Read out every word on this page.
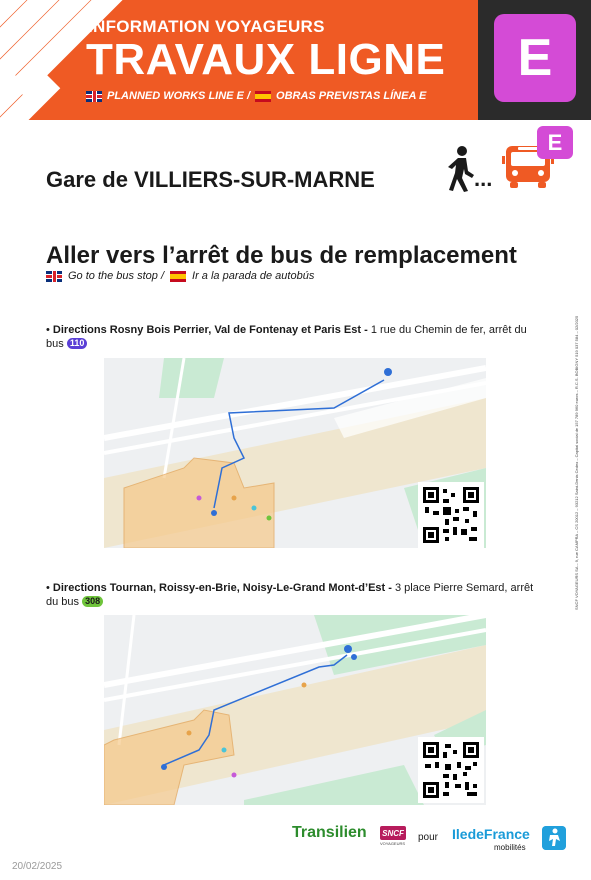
E
INFORMATION VOYAGEURS
TRAVAUX LIGNE
PLANNED WORKS LINE E / OBRAS PREVISTAS LÍNEA E
Gare de VILLIERS-SUR-MARNE	...
E
Aller vers l’arrêt de bus de remplacement
Go to the bus stop /	Ir a la parada de autobús
• Directions Rosny Bois Perrier, Val de Fontenay et Paris Est - 1 rue du Chemin de fer, arrêt du bus 110
• Directions Tournan, Roissy-en-Brie, Noisy-Le-Grand Mont-d’Est - 3 place Pierre Semard, arrêt du bus 308	SNCF VOYAGEURS SA – 9, rue CAMPRA – CS 20012 – 93212 Saint-Denis Cedex – Capital social de 157 789 960 euros – R.C.S. BOBIGNY 519 037 584 – 02/2025
Transilien SNCF
VOYAGEURS
pour IledeFrance
mobilités
20/02/2025
